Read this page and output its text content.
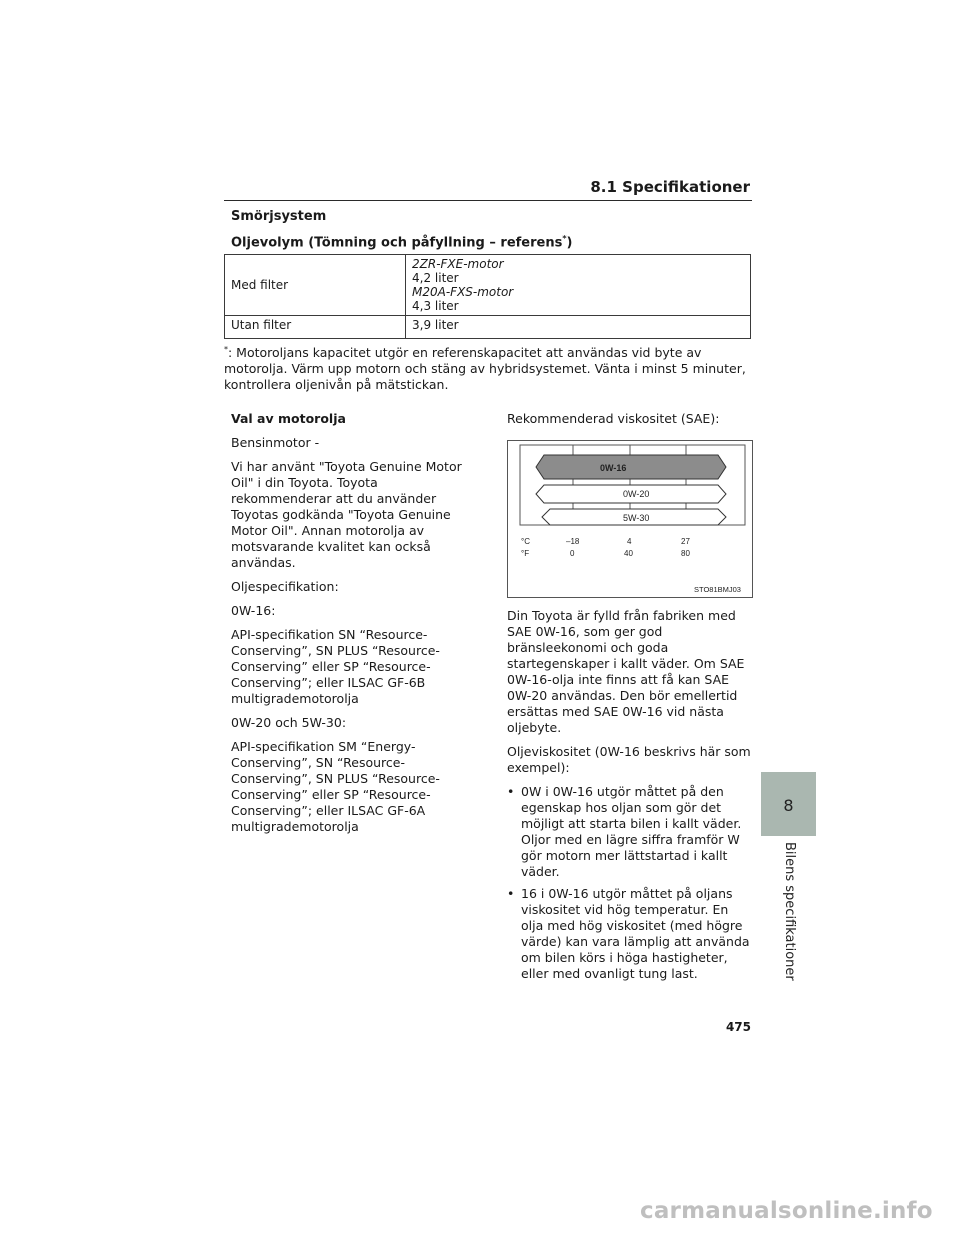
8.1 Specifikationer
Smörjsystem
Oljevolym (Tömning och påfyllning – referens*)
Med filter	2ZR-FXE-motor
4,2 liter
M20A-FXS-motor
4,3 liter

Utan filter	3,9 liter
*: Motoroljans kapacitet utgör en referenskapacitet att användas vid byte av motorolja. Värm upp motorn och stäng av hybridsystemet. Vänta i minst 5 minuter, kontrollera oljenivån på mätstickan.

Val av motorolja

Bensinmotor -

Vi har använt "Toyota Genuine Motor Oil" i din Toyota. Toyota rekommenderar att du använder Toyotas godkända "Toyota Genuine Motor Oil". Annan motorolja av motsvarande kvalitet kan också användas.

Oljespecifikation:

0W-16:

API-specifikation SN “Resource-Conserving”, SN PLUS “Resource-Conserving” eller SP “Resource-Conserving”; eller ILSAC GF-6B multigrademotorolja

0W-20 och 5W-30:

API-specifikation SM “Energy-Conserving”, SN “Resource-Conserving”, SN PLUS “Resource-Conserving” eller SP “Resource-Conserving”; eller ILSAC GF-6A multigrademotorolja

Rekommenderad viskositet (SAE):
0W-16
0W-20
5W-30
°C
°F
–18	4	27
0	40	80
STO81BMJ03

Din Toyota är fylld från fabriken med SAE 0W-16, som ger god bränsleekonomi och goda startegenskaper i kallt väder. Om SAE 0W-16-olja inte finns att få kan SAE 0W-20 användas. Den bör emellertid ersättas med SAE 0W-16 vid nästa oljebyte.

Oljeviskositet (0W-16 beskrivs här som exempel):

• 0W i 0W-16 utgör måttet på den egenskap hos oljan som gör det möjligt att starta bilen i kallt väder. Oljor med en lägre siffra framför W gör motorn mer lättstartad i kallt väder.
• 16 i 0W-16 utgör måttet på oljans viskositet vid hög temperatur. En olja med hög viskositet (med högre värde) kan vara lämplig att använda om bilen körs i höga hastigheter, eller med ovanligt tung last.
8
Bilens specifikationer
475
carmanualsonline.info
